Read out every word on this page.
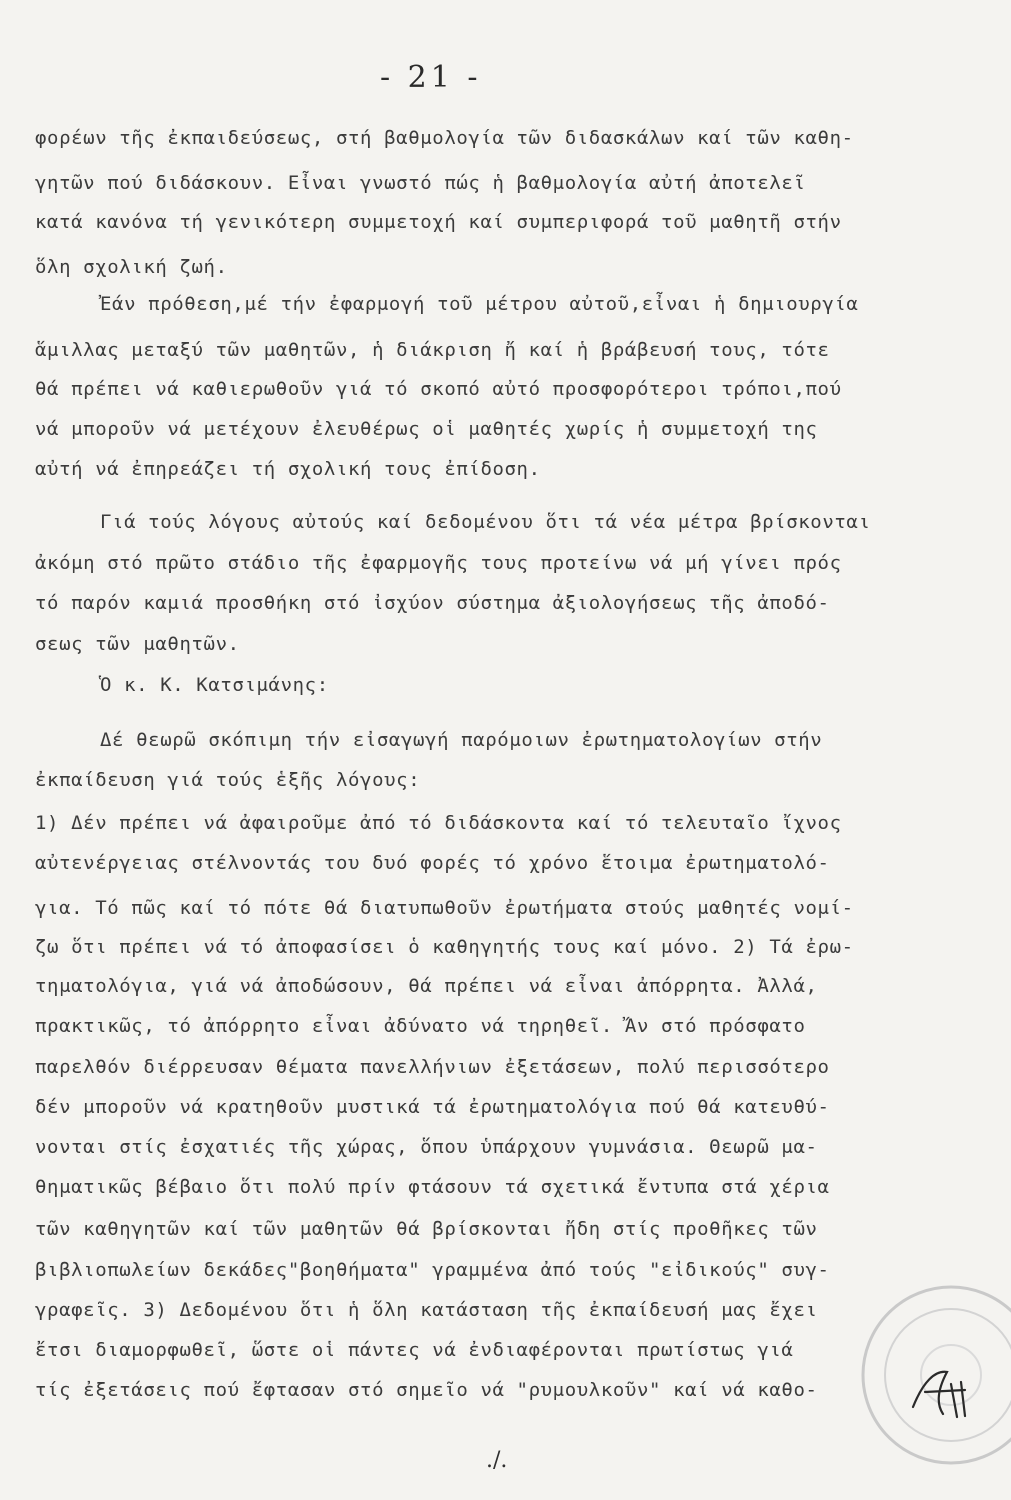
- 21 -
φορέων τῆς ἐκπαιδεύσεως, στή βαθμολογία τῶν διδασκάλων καί τῶν καθη-
γητῶν πού διδάσκουν. Εἶναι γνωστό πώς ἡ βαθμολογία αὐτή ἀποτελεῖ
κατά κανόνα τή γενικότερη συμμετοχή καί συμπεριφορά τοῦ μαθητῆ στήν
ὅλη σχολική ζωή.
Ἐάν πρόθεση,μέ τήν ἐφαρμογή τοῦ μέτρου αὐτοῦ,εἶναι ἡ δημιουργία
ἅμιλλας μεταξύ τῶν μαθητῶν, ἡ διάκριση ἤ καί ἡ βράβευσή τους, τότε
θά πρέπει νά καθιερωθοῦν γιά τό σκοπό αὐτό προσφορότεροι τρόποι,πού
νά μποροῦν νά μετέχουν ἐλευθέρως οἱ μαθητές χωρίς ἡ συμμετοχή της
αὐτή νά ἐπηρεάζει τή σχολική τους ἐπίδοση.
Γιά τούς λόγους αὐτούς καί δεδομένου ὅτι τά νέα μέτρα βρίσκονται
ἀκόμη στό πρῶτο στάδιο τῆς ἐφαρμογῆς τους προτείνω νά μή γίνει πρός
τό παρόν καμιά προσθήκη στό ἰσχύον σύστημα ἀξιολογήσεως τῆς ἀποδό-
σεως τῶν μαθητῶν.
Ὁ κ. Κ. Κατσιμάνης:
Δέ θεωρῶ σκόπιμη τήν εἰσαγωγή παρόμοιων ἐρωτηματολογίων στήν
ἐκπαίδευση γιά τούς ἑξῆς λόγους:
1) Δέν πρέπει νά ἀφαιροῦμε ἀπό τό διδάσκοντα καί τό τελευταῖο ἴχνος
αὐτενέργειας στέλνοντάς του δυό φορές τό χρόνο ἕτοιμα ἐρωτηματολό-
για. Τό πῶς καί τό πότε θά διατυπωθοῦν ἐρωτήματα στούς μαθητές νομί-
ζω ὅτι πρέπει νά τό ἀποφασίσει ὁ καθηγητής τους καί μόνο. 2) Τά ἐρω-
τηματολόγια, γιά νά ἀποδώσουν, θά πρέπει νά εἶναι ἀπόρρητα. Ἀλλά,
πρακτικῶς, τό ἀπόρρητο εἶναι ἀδύνατο νά τηρηθεῖ. Ἄν στό πρόσφατο
παρελθόν διέρρευσαν θέματα πανελλήνιων ἐξετάσεων, πολύ περισσότερο
δέν μποροῦν νά κρατηθοῦν μυστικά τά ἐρωτηματολόγια πού θά κατευθύ-
νονται στίς ἐσχατιές τῆς χώρας, ὅπου ὑπάρχουν γυμνάσια. Θεωρῶ μα-
θηματικῶς βέβαιο ὅτι πολύ πρίν φτάσουν τά σχετικά ἔντυπα στά χέρια
τῶν καθηγητῶν καί τῶν μαθητῶν θά βρίσκονται ἤδη στίς προθῆκες τῶν
βιβλιοπωλείων δεκάδες"βοηθήματα" γραμμένα ἀπό τούς "εἰδικούς" συγ-
γραφεῖς. 3) Δεδομένου ὅτι ἡ ὅλη κατάσταση τῆς ἐκπαίδευσή μας ἔχει
ἔτσι διαμορφωθεῖ, ὥστε οἱ πάντες νά ἐνδιαφέρονται πρωτίστως γιά
τίς ἐξετάσεις πού ἔφτασαν στό σημεῖο νά "ρυμουλκοῦν" καί νά καθο-
./.
